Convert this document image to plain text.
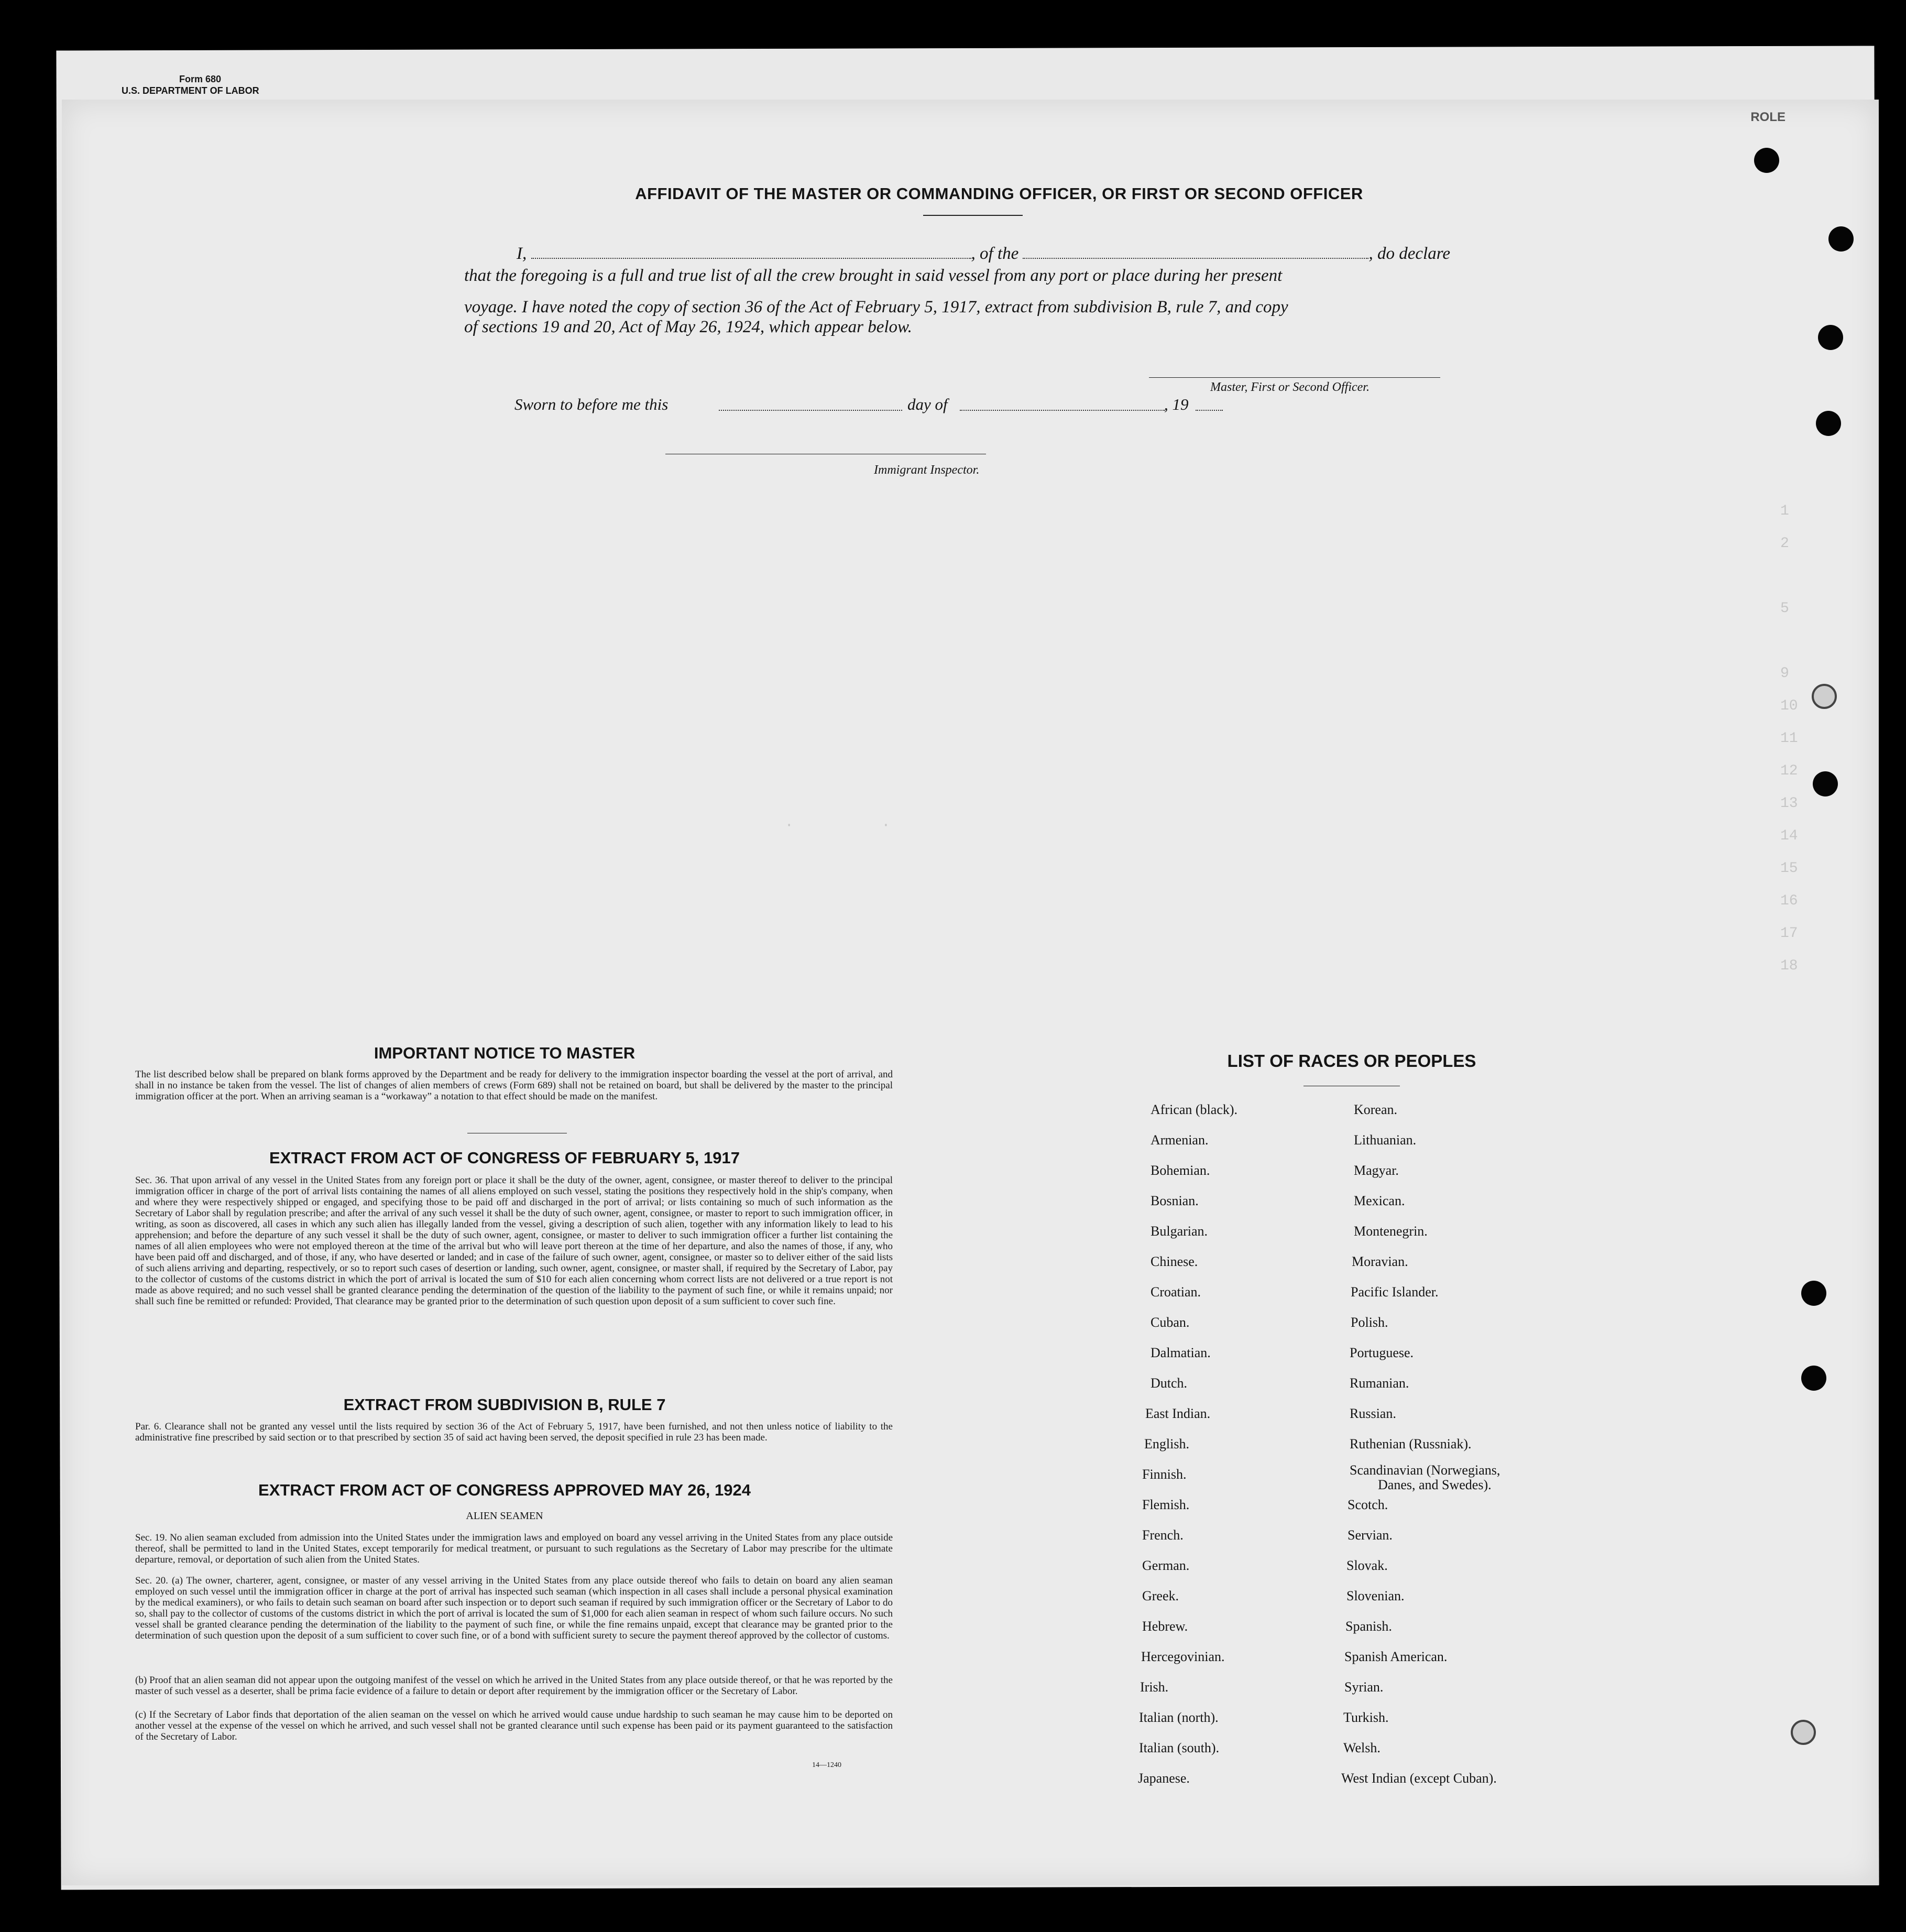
Form 680
U.S. DEPARTMENT OF LABOR
ROLE
1

2

5

9

10

11

12

13

14

15

16

17

18
·          ·
AFFIDAVIT OF THE MASTER OR COMMANDING OFFICER, OR FIRST OR SECOND OFFICER
I,	, of the	, do declare
that the foregoing is a full and true list of all the crew brought in said vessel from any port or place during her present
voyage. I have noted the copy of section 36 of the Act of February 5, 1917, extract from subdivision B, rule 7, and copy
of sections 19 and 20, Act of May 26, 1924, which appear below.
Master, First or Second Officer.
Sworn to before me this	day of	, 19
Immigrant Inspector.
IMPORTANT NOTICE TO MASTER
The list described below shall be prepared on blank forms approved by the Department and be ready for delivery to the immigration inspector boarding the vessel at the port of arrival, and shall in no instance be taken from the vessel. The list of changes of alien members of crews (Form 689) shall not be retained on board, but shall be delivered by the master to the principal immigration officer at the port. When an arriving seaman is a “workaway” a notation to that effect should be made on the manifest.
EXTRACT FROM ACT OF CONGRESS OF FEBRUARY 5, 1917
Sec. 36. That upon arrival of any vessel in the United States from any foreign port or place it shall be the duty of the owner, agent, consignee, or master thereof to deliver to the principal immigration officer in charge of the port of arrival lists containing the names of all aliens employed on such vessel, stating the positions they respectively hold in the ship's company, when and where they were respectively shipped or engaged, and specifying those to be paid off and discharged in the port of arrival; or lists containing so much of such information as the Secretary of Labor shall by regulation prescribe; and after the arrival of any such vessel it shall be the duty of such owner, agent, consignee, or master to report to such immigration officer, in writing, as soon as discovered, all cases in which any such alien has illegally landed from the vessel, giving a description of such alien, together with any information likely to lead to his apprehension; and before the departure of any such vessel it shall be the duty of such owner, agent, consignee, or master to deliver to such immigration officer a further list containing the names of all alien employees who were not employed thereon at the time of the arrival but who will leave port thereon at the time of her departure, and also the names of those, if any, who have been paid off and discharged, and of those, if any, who have deserted or landed; and in case of the failure of such owner, agent, consignee, or master so to deliver either of the said lists of such aliens arriving and departing, respectively, or so to report such cases of desertion or landing, such owner, agent, consignee, or master shall, if required by the Secretary of Labor, pay to the collector of customs of the customs district in which the port of arrival is located the sum of $10 for each alien concerning whom correct lists are not delivered or a true report is not made as above required; and no such vessel shall be granted clearance pending the determination of the question of the liability to the payment of such fine, or while it remains unpaid; nor shall such fine be remitted or refunded: Provided, That clearance may be granted prior to the determination of such question upon deposit of a sum sufficient to cover such fine.
EXTRACT FROM SUBDIVISION B, RULE 7
Par. 6. Clearance shall not be granted any vessel until the lists required by section 36 of the Act of February 5, 1917, have been furnished, and not then unless notice of liability to the administrative fine prescribed by said section or to that prescribed by section 35 of said act having been served, the deposit specified in rule 23 has been made.
EXTRACT FROM ACT OF CONGRESS APPROVED MAY 26, 1924
ALIEN SEAMEN
Sec. 19. No alien seaman excluded from admission into the United States under the immigration laws and employed on board any vessel arriving in the United States from any place outside thereof, shall be permitted to land in the United States, except temporarily for medical treatment, or pursuant to such regulations as the Secretary of Labor may prescribe for the ultimate departure, removal, or deportation of such alien from the United States.
Sec. 20. (a) The owner, charterer, agent, consignee, or master of any vessel arriving in the United States from any place outside thereof who fails to detain on board any alien seaman employed on such vessel until the immigration officer in charge at the port of arrival has inspected such seaman (which inspection in all cases shall include a personal physical examination by the medical examiners), or who fails to detain such seaman on board after such inspection or to deport such seaman if required by such immigration officer or the Secretary of Labor to do so, shall pay to the collector of customs of the customs district in which the port of arrival is located the sum of $1,000 for each alien seaman in respect of whom such failure occurs. No such vessel shall be granted clearance pending the determination of the liability to the payment of such fine, or while the fine remains unpaid, except that clearance may be granted prior to the determination of such question upon the deposit of a sum sufficient to cover such fine, or of a bond with sufficient surety to secure the payment thereof approved by the collector of customs.
(b) Proof that an alien seaman did not appear upon the outgoing manifest of the vessel on which he arrived in the United States from any place outside thereof, or that he was reported by the master of such vessel as a deserter, shall be prima facie evidence of a failure to detain or deport after requirement by the immigration officer or the Secretary of Labor.
(c) If the Secretary of Labor finds that deportation of the alien seaman on the vessel on which he arrived would cause undue hardship to such seaman he may cause him to be deported on another vessel at the expense of the vessel on which he arrived, and such vessel shall not be granted clearance until such expense has been paid or its payment guaranteed to the satisfaction of the Secretary of Labor.
14—1240
LIST OF RACES OR PEOPLES
African (black).
Armenian.
Bohemian.
Bosnian.
Bulgarian.
Chinese.
Croatian.
Cuban.
Dalmatian.
Dutch.
East Indian.
English.
Finnish.
Flemish.
French.
German.
Greek.
Hebrew.
Hercegovinian.
Irish.
Italian (north).
Italian (south).
Japanese.
Korean.
Lithuanian.
Magyar.
Mexican.
Montenegrin.
Moravian.
Pacific Islander.
Polish.
Portuguese.
Rumanian.
Russian.
Ruthenian (Russniak).
Scandinavian (Norwegians,
Danes, and Swedes).
Scotch.
Servian.
Slovak.
Slovenian.
Spanish.
Spanish American.
Syrian.
Turkish.
Welsh.
West Indian (except Cuban).
